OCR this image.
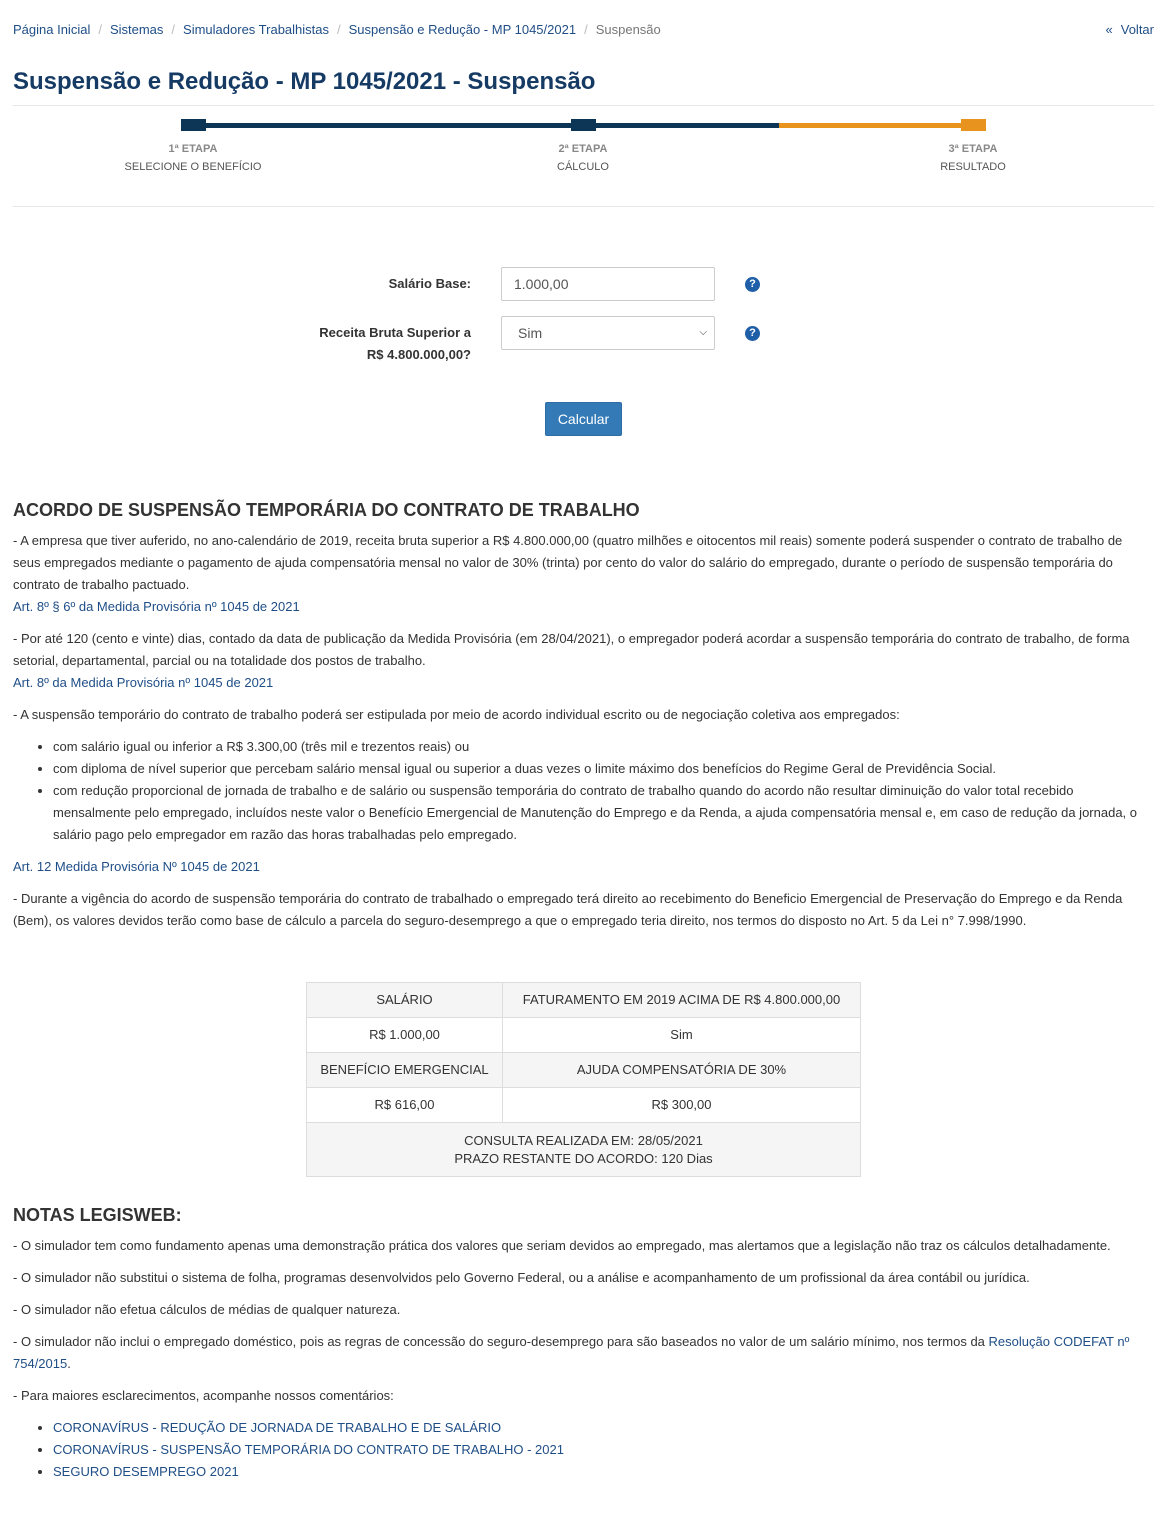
Página Inicial / Sistemas / Simuladores Trabalhistas / Suspensão e Redução - MP 1045/2021 / Suspensão	« Voltar
Suspensão e Redução - MP 1045/2021 - Suspensão
1ª ETAPA
SELECIONE O BENEFÍCIO
2ª ETAPA
CÁLCULO
3ª ETAPA
RESULTADO
Salário Base:
1.000,00	?
Receita Bruta Superior a
R$ 4.800.000,00?
Sim	⌵	?
Calcular
ACORDO DE SUSPENSÃO TEMPORÁRIA DO CONTRATO DE TRABALHO

- A empresa que tiver auferido, no ano-calendário de 2019, receita bruta superior a R$ 4.800.000,00 (quatro milhões e oitocentos mil reais) somente poderá suspender o contrato de trabalho de seus empregados mediante o pagamento de ajuda compensatória mensal no valor de 30% (trinta) por cento do valor do salário do empregado, durante o período de suspensão temporária do contrato de trabalho pactuado.

Art. 8º § 6º da Medida Provisória nº 1045 de 2021

- Por até 120 (cento e vinte) dias, contado da data de publicação da Medida Provisória (em 28/04/2021), o empregador poderá acordar a suspensão temporária do contrato de trabalho, de forma setorial, departamental, parcial ou na totalidade dos postos de trabalho.

Art. 8º da Medida Provisória nº 1045 de 2021

- A suspensão temporário do contrato de trabalho poderá ser estipulada por meio de acordo individual escrito ou de negociação coletiva aos empregados:

• com salário igual ou inferior a R$ 3.300,00 (três mil e trezentos reais) ou
• com diploma de nível superior que percebam salário mensal igual ou superior a duas vezes o limite máximo dos benefícios do Regime Geral de Previdência Social.
• com redução proporcional de jornada de trabalho e de salário ou suspensão temporária do contrato de trabalho quando do acordo não resultar diminuição do valor total recebido mensalmente pelo empregado, incluídos neste valor o Benefício Emergencial de Manutenção do Emprego e da Renda, a ajuda compensatória mensal e, em caso de redução da jornada, o salário pago pelo empregador em razão das horas trabalhadas pelo empregado.
Art. 12 Medida Provisória Nº 1045 de 2021

- Durante a vigência do acordo de suspensão temporária do contrato de trabalhado o empregado terá direito ao recebimento do Beneficio Emergencial de Preservação do Emprego e da Renda (Bem), os valores devidos terão como base de cálculo a parcela do seguro-desemprego a que o empregado teria direito, nos termos do disposto no Art. 5 da Lei n° 7.998/1990.

SALÁRIO	FATURAMENTO EM 2019 ACIMA DE R$ 4.800.000,00
R$ 1.000,00	Sim
BENEFÍCIO EMERGENCIAL	AJUDA COMPENSATÓRIA DE 30%
R$ 616,00	R$ 300,00

CONSULTA REALIZADA EM: 28/05/2021
PRAZO RESTANTE DO ACORDO: 120 Dias	
NOTAS LEGISWEB:

- O simulador tem como fundamento apenas uma demonstração prática dos valores que seriam devidos ao empregado, mas alertamos que a legislação não traz os cálculos detalhadamente.

- O simulador não substitui o sistema de folha, programas desenvolvidos pelo Governo Federal, ou a análise e acompanhamento de um profissional da área contábil ou jurídica.

- O simulador não efetua cálculos de médias de qualquer natureza.

- O simulador não inclui o empregado doméstico, pois as regras de concessão do seguro-desemprego para são baseados no valor de um salário mínimo, nos termos da Resolução CODEFAT nº 754/2015.

- Para maiores esclarecimentos, acompanhe nossos comentários:

• CORONAVÍRUS - REDUÇÃO DE JORNADA DE TRABALHO E DE SALÁRIO
• CORONAVÍRUS - SUSPENSÃO TEMPORÁRIA DO CONTRATO DE TRABALHO - 2021
• SEGURO DESEMPREGO 2021
